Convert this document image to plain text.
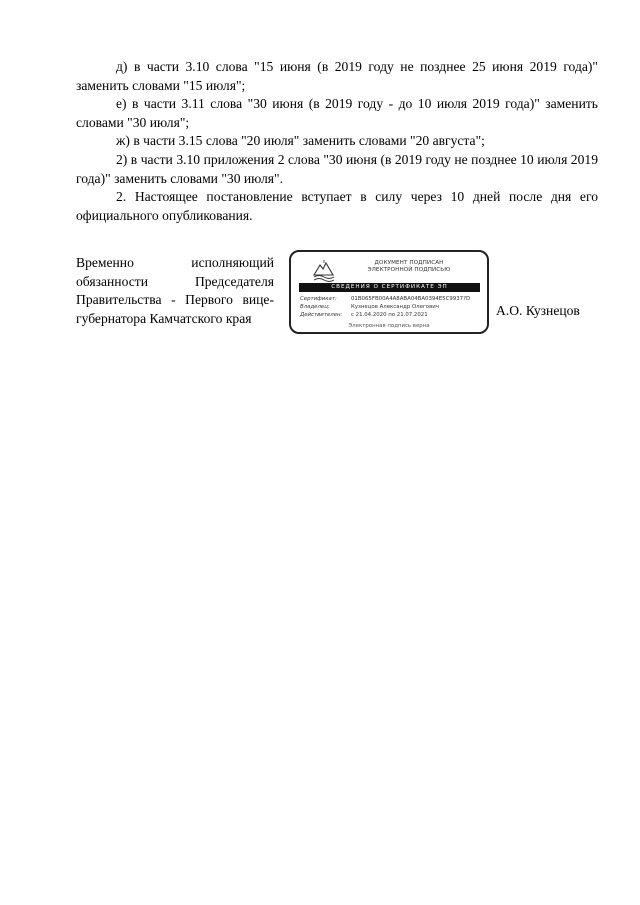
д) в части 3.10 слова "15 июня (в 2019 году не позднее 25 июня 2019 года)" заменить словами "15 июля";

е) в части 3.11 слова "30 июня (в 2019 году - до 10 июля 2019 года)" заменить словами "30 июля";

ж) в части 3.15 слова "20 июля" заменить словами "20 августа";

2) в части 3.10 приложения 2 слова "30 июня (в 2019 году не позднее 10 июля 2019 года)" заменить словами "30 июля".

2. Настоящее постановление вступает в силу через 10 дней после дня его официального опубликования.

Временно исполняющий
обязанности Председателя
Правительства - Первого вице-
губернатора Камчатского края
ДОКУМЕНТ ПОДПИСАН
ЭЛЕКТРОННОЙ ПОДПИСЬЮ
СВЕДЕНИЯ О СЕРТИФИКАТЕ ЭП
Сертификат:	01B065FB00A4A8ABA04BA0394E5C9937?D
Владелец:	Кузнецов Александр Олегович
Действителен: с 21.04.2020 по 21.07.2021
Электронная подпись верна
А.О. Кузнецов
